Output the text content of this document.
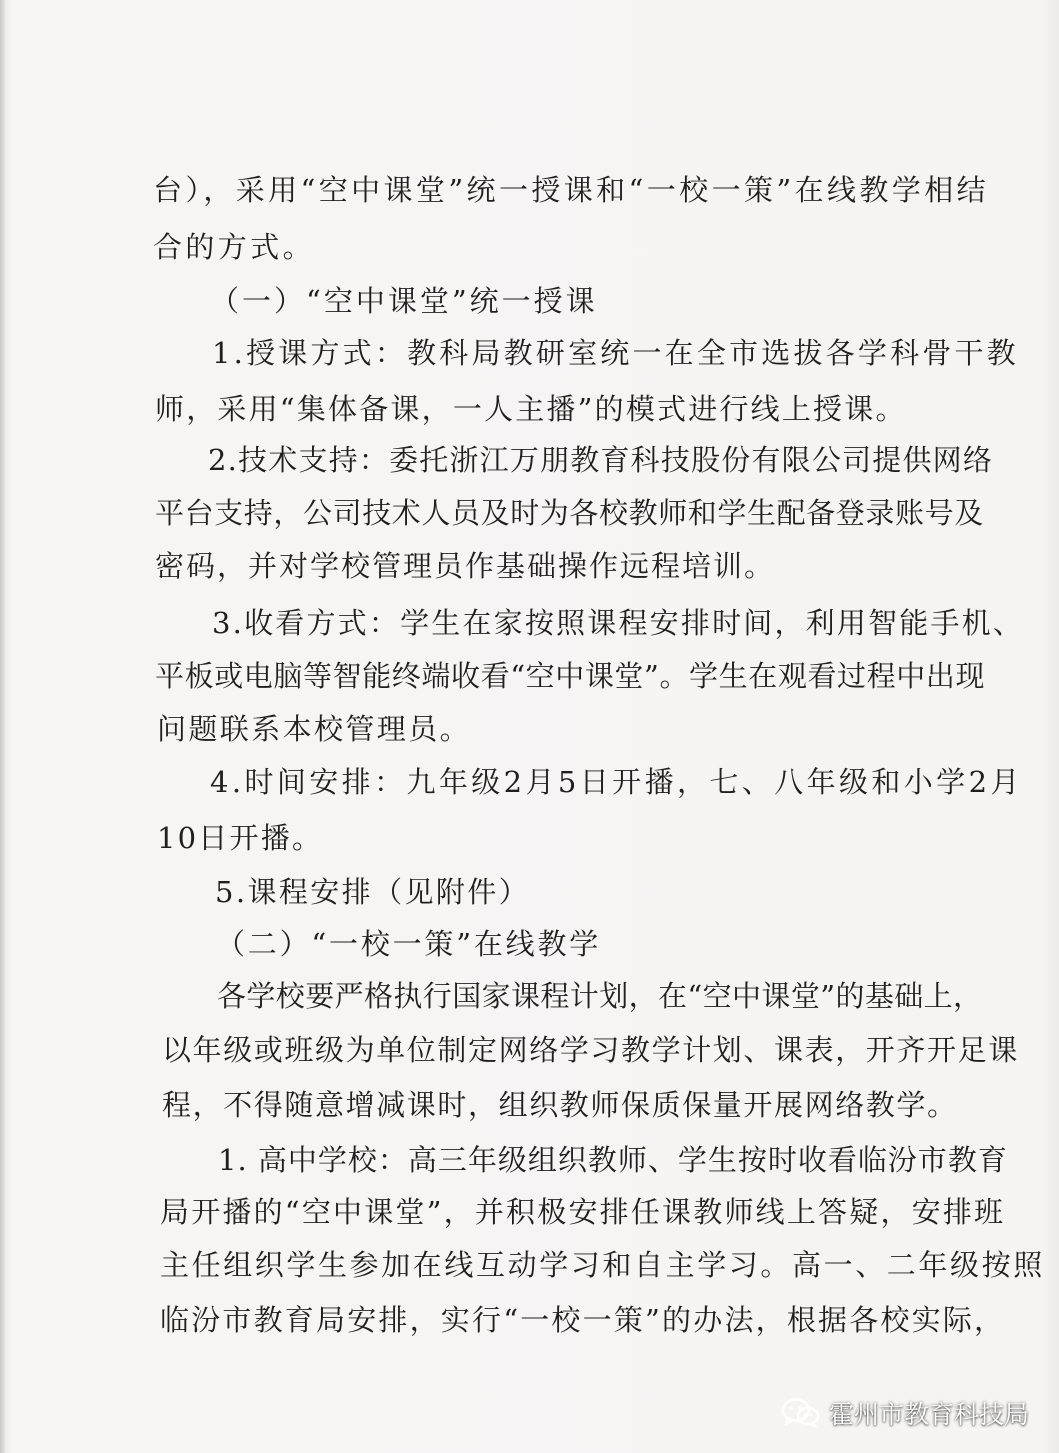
台），采用“空中课堂”统一授课和“一校一策”在线教学相结
合的方式。
（一）“空中课堂”统一授课
1.授课方式：教科局教研室统一在全市选拔各学科骨干教
师，采用“集体备课，一人主播”的模式进行线上授课。
2.技术支持：委托浙江万朋教育科技股份有限公司提供网络
平台支持，公司技术人员及时为各校教师和学生配备登录账号及
密码，并对学校管理员作基础操作远程培训。
3.收看方式：学生在家按照课程安排时间，利用智能手机、
平板或电脑等智能终端收看“空中课堂”。学生在观看过程中出现
问题联系本校管理员。
4.时间安排：九年级2月5日开播，七、八年级和小学2月
10日开播。
5.课程安排（见附件）
（二）“一校一策”在线教学
各学校要严格执行国家课程计划，在“空中课堂”的基础上，
以年级或班级为单位制定网络学习教学计划、课表，开齐开足课
程，不得随意增减课时，组织教师保质保量开展网络教学。
1. 高中学校：高三年级组织教师、学生按时收看临汾市教育
局开播的“空中课堂”，并积极安排任课教师线上答疑，安排班
主任组织学生参加在线互动学习和自主学习。高一、二年级按照
临汾市教育局安排，实行“一校一策”的办法，根据各校实际，
霍州市教育科技局
